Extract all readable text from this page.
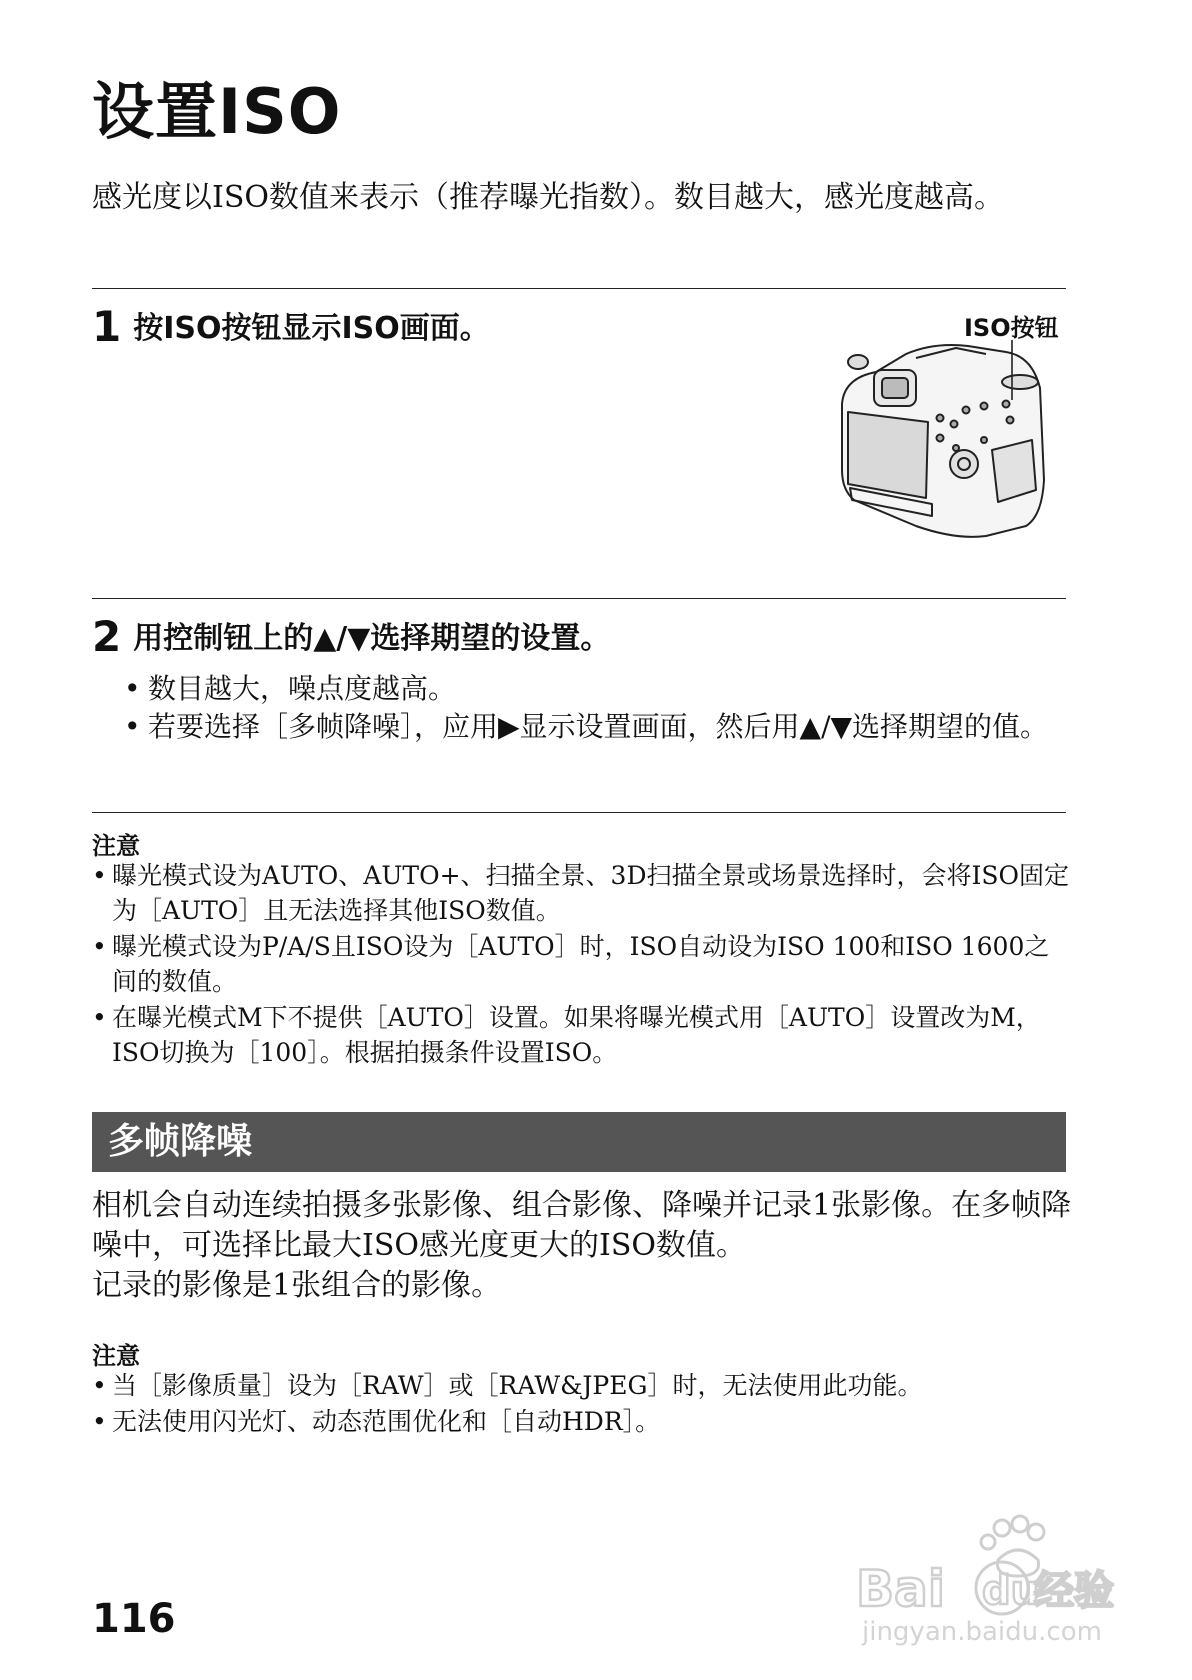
设置ISO
感光度以ISO数值来表示（推荐曝光指数）。数目越大，感光度越高。
1 按ISO按钮显示ISO画面。	ISO按钮
2 用控制钮上的▲/▼选择期望的设置。
• 数目越大，噪点度越高。
• 若要选择［多帧降噪］，应用▶显示设置画面，然后用▲/▼选择期望的值。
注意
• 曝光模式设为AUTO、AUTO+、扫描全景、3D扫描全景或场景选择时，会将ISO固定为［AUTO］且无法选择其他ISO数值。
• 曝光模式设为P/A/S且ISO设为［AUTO］时，ISO自动设为ISO 100和ISO 1600之间的数值。
• 在曝光模式M下不提供［AUTO］设置。如果将曝光模式用［AUTO］设置改为M，ISO切换为［100］。根据拍摄条件设置ISO。
多帧降噪

相机会自动连续拍摄多张影像、组合影像、降噪并记录1张影像。在多帧降噪中，可选择比最大ISO感光度更大的ISO数值。

记录的影像是1张组合的影像。

注意
• 当［影像质量］设为［RAW］或［RAW&JPEG］时，无法使用此功能。
• 无法使用闪光灯、动态范围优化和［自动HDR］。
116
Bai du
经验
jingyan.baidu.com
